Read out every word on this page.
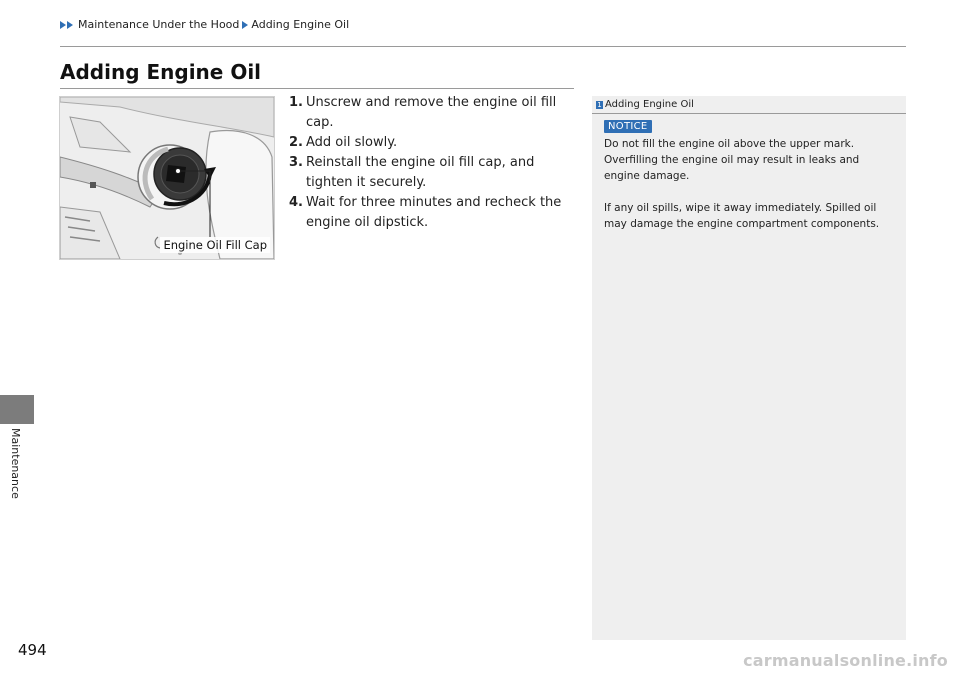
Maintenance Under the Hood Adding Engine Oil
Adding Engine Oil
Engine Oil Fill Cap
1. Unscrew and remove the engine oil fill cap.
2. Add oil slowly.
3. Reinstall the engine oil fill cap, and tighten it securely.
4. Wait for three minutes and recheck the engine oil dipstick.
1 Adding Engine Oil
NOTICE

Do not fill the engine oil above the upper mark. Overfilling the engine oil may result in leaks and engine damage.

If any oil spills, wipe it away immediately. Spilled oil may damage the engine compartment components.

Maintenance
494
carmanualsonline.info
